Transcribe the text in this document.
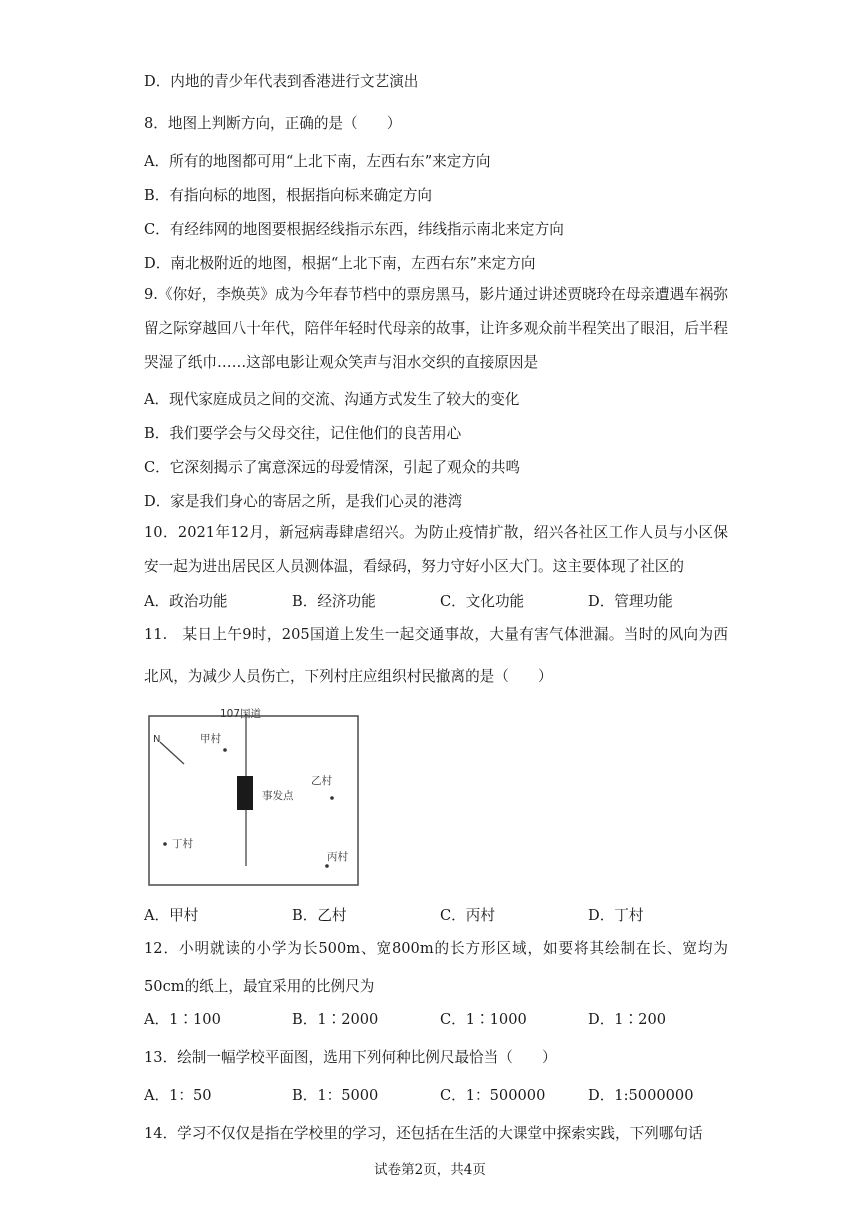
D．内地的青少年代表到香港进行文艺演出
8．地图上判断方向，正确的是（　　）
A．所有的地图都可用“上北下南，左西右东”来定方向
B．有指向标的地图，根据指向标来确定方向
C．有经纬网的地图要根据经线指示东西，纬线指示南北来定方向
D．南北极附近的地图，根据“上北下南，左西右东”来定方向
9.《你好，李焕英》成为今年春节档中的票房黑马，影片通过讲述贾晓玲在母亲遭遇车祸弥留之际穿越回八十年代，陪伴年轻时代母亲的故事，让许多观众前半程笑出了眼泪，后半程哭湿了纸巾……这部电影让观众笑声与泪水交织的直接原因是
A．现代家庭成员之间的交流、沟通方式发生了较大的变化
B．我们要学会与父母交往，记住他们的良苦用心
C．它深刻揭示了寓意深远的母爱情深，引起了观众的共鸣
D．家是我们身心的寄居之所，是我们心灵的港湾
10．2021年12月，新冠病毒肆虐绍兴。为防止疫情扩散，绍兴各社区工作人员与小区保安一起为进出居民区人员测体温，看绿码，努力守好小区大门。这主要体现了社区的
A．政治功能	B．经济功能	C．文化功能	D．管理功能
11.　某日上午9时，205国道上发生一起交通事故，大量有害气体泄漏。当时的风向为西北风，为减少人员伤亡，下列村庄应组织村民撤离的是（　　）
107国道
N
事发点
甲村
乙村
丙村
丁村
A．甲村	B．乙村	C．丙村	D．丁村
12．小明就读的小学为长500m、宽800m的长方形区域，如要将其绘制在长、宽均为50cm的纸上，最宜采用的比例尺为
A．1∶100	B．1∶2000	C．1∶1000	D．1∶200
13．绘制一幅学校平面图，选用下列何种比例尺最恰当（　　）
A．1：50	B．1：5000	C．1：500000	D．1:5000000
14．学习不仅仅是指在学校里的学习，还包括在生活的大课堂中探索实践，下列哪句话
试卷第2页，共4页
